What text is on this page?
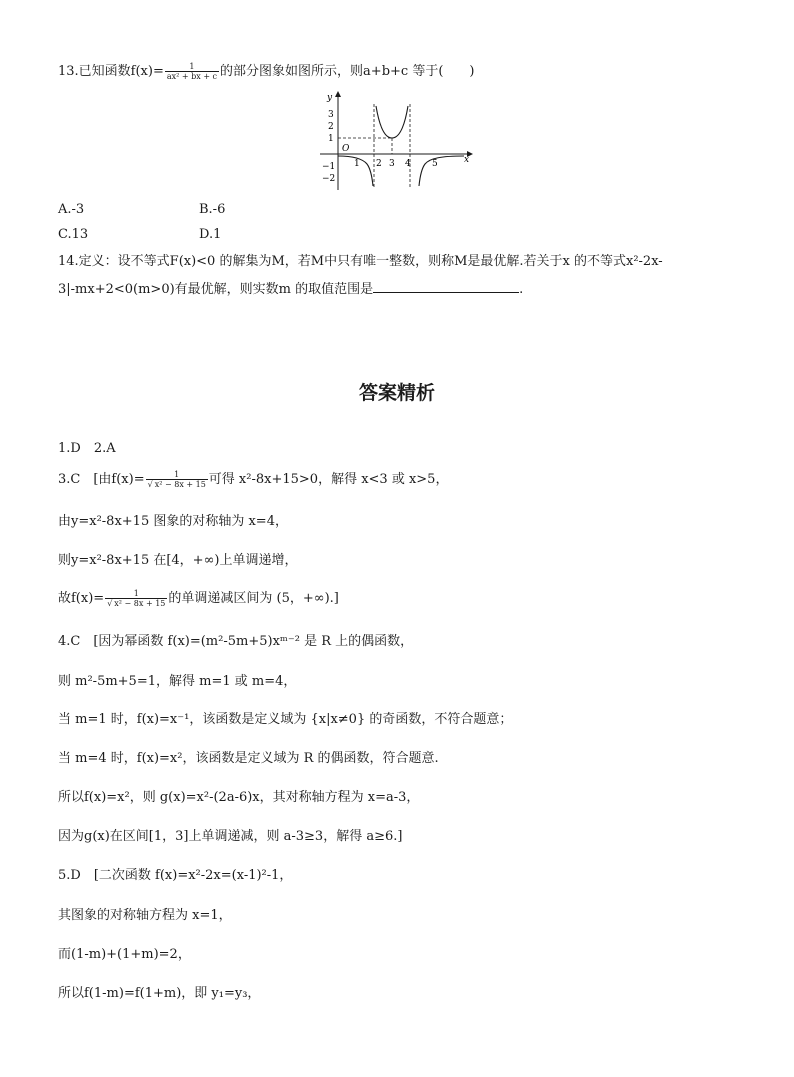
13.已知函数$f(x)= \frac{1}{\text{ax² + bx + c}}$ 的部分图象如图所示，则a+b+c 等于(　　)
y
x
O
3
2
1
−1
−2
1 2 3 4 5
A.-3	B.-6
C.13	D.1
14.定义：设不等式F(x)<0 的解集为M，若M中只有唯一整数，则称M是最优解.若关于x 的不等式x²-2x-
3|-mx+2<0(m>0)有最优解，则实数m 的取值范围是	.
答案精析
1.D　2.A
3.C　[由$f(x)= \frac{1}{\text{√ x² − 8x + 15}}$ 可得 x²-8x+15>0，解得 x<3 或 x>5，
由y=x²-8x+15 图象的对称轴为 x=4，
则y=x²-8x+15 在[4，+∞)上单调递增，
故$f(x)= \frac{1}{\text{√ x² − 8x + 15}}$ 的单调递减区间为 (5，+∞).]
4.C　[因为幂函数 f(x)=(m²-5m+5)xᵐ⁻² 是 R 上的偶函数，
则 m²-5m+5=1，解得 m=1 或 m=4，
当 m=1 时，f(x)=x⁻¹，该函数是定义域为 {x|x≠0} 的奇函数，不符合题意；
当 m=4 时，f(x)=x²，该函数是定义域为 R 的偶函数，符合题意.
所以f(x)=x²，则 g(x)=x²-(2a-6)x，其对称轴方程为 x=a-3，
因为g(x)在区间[1，3]上单调递减，则 a-3≥3，解得 a≥6.]
5.D　[二次函数 f(x)=x²-2x=(x-1)²-1，
其图象的对称轴方程为 x=1，
而(1-m)+(1+m)=2，
所以f(1-m)=f(1+m)，即 y₁=y₃，
